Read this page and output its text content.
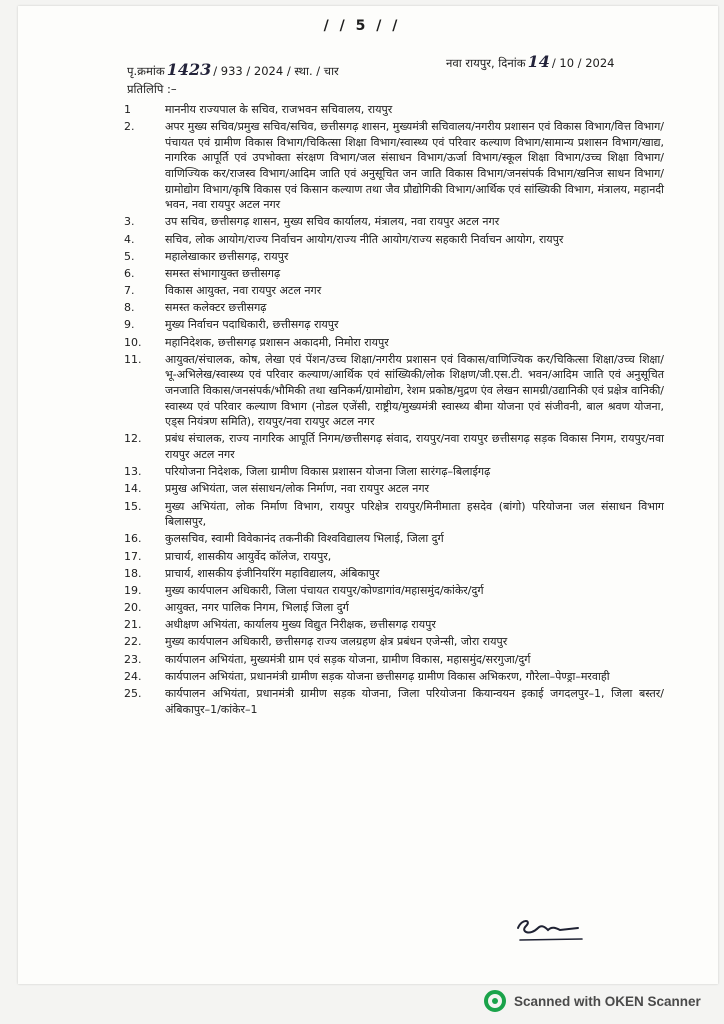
/ / 5 / /
पृ.क्रमांक 1423 / 933 / 2024 / स्था. / चार
नवा रायपुर, दिनांक 14 / 10 / 2024
प्रतिलिपि :–
1	माननीय राज्यपाल के सचिव, राजभवन सचिवालय, रायपुर
2.	अपर मुख्य सचिव/प्रमुख सचिव/सचिव, छत्तीसगढ़ शासन, मुख्यमंत्री सचिवालय/नगरीय प्रशासन एवं विकास विभाग/वित्त विभाग/पंचायत एवं ग्रामीण विकास विभाग/चिकित्सा शिक्षा विभाग/स्वास्थ्य एवं परिवार कल्याण विभाग/सामान्य प्रशासन विभाग/खाद्य, नागरिक आपूर्ति एवं उपभोक्ता संरक्षण विभाग/जल संसाधन विभाग/ऊर्जा विभाग/स्कूल शिक्षा विभाग/उच्च शिक्षा विभाग/वाणिज्यिक कर/राजस्व विभाग/आदिम जाति एवं अनुसूचित जन जाति विकास विभाग/जनसंपर्क विभाग/खनिज साधन विभाग/ग्रामोद्योग विभाग/कृषि विकास एवं किसान कल्याण तथा जैव प्रौद्योगिकी विभाग/आर्थिक एवं सांख्यिकी विभाग, मंत्रालय, महानदी भवन, नवा रायपुर अटल नगर
3.	उप सचिव, छत्तीसगढ़ शासन, मुख्य सचिव कार्यालय, मंत्रालय, नवा रायपुर अटल नगर
4.	सचिव, लोक आयोग/राज्य निर्वाचन आयोग/राज्य नीति आयोग/राज्य सहकारी निर्वाचन आयोग, रायपुर
5.	महालेखाकार छत्तीसगढ़, रायपुर
6.	समस्त संभागायुक्त छत्तीसगढ़
7.	विकास आयुक्त, नवा रायपुर अटल नगर
8.	समस्त कलेक्टर छत्तीसगढ़
9.	मुख्य निर्वाचन पदाधिकारी, छत्तीसगढ़ रायपुर
10.	महानिदेशक, छत्तीसगढ़ प्रशासन अकादमी, निमोरा रायपुर
11.	आयुक्त/संचालक, कोष, लेखा एवं पेंशन/उच्च शिक्षा/नगरीय प्रशासन एवं विकास/वाणिज्यिक कर/चिकित्सा शिक्षा/उच्च शिक्षा/भू-अभिलेख/स्वास्थ्य एवं परिवार कल्याण/आर्थिक एवं सांख्यिकी/लोक शिक्षण/जी.एस.टी. भवन/आदिम जाति एवं अनुसूचित जनजाति विकास/जनसंपर्क/भौमिकी तथा खनिकर्म/ग्रामोद्योग, रेशम प्रकोष्ठ/मुद्रण एंव लेखन सामग्री/उद्यानिकी एवं प्रक्षेत्र वानिकी/स्वास्थ्य एवं परिवार कल्याण विभाग (नोडल एजेंसी, राष्ट्रीय/मुख्यमंत्री स्वास्थ्य बीमा योजना एवं संजीवनी, बाल श्रवण योजना, एड्स नियंत्रण समिति), रायपुर/नवा रायपुर अटल नगर
12.	प्रबंध संचालक, राज्य नागरिक आपूर्ति निगम/छत्तीसगढ़ संवाद, रायपुर/नवा रायपुर छत्तीसगढ़ सड़क विकास निगम, रायपुर/नवा रायपुर अटल नगर
13.	परियोजना निदेशक, जिला ग्रामीण विकास प्रशासन योजना जिला सारंगढ़–बिलाईगढ़
14.	प्रमुख अभियंता, जल संसाधन/लोक निर्माण, नवा रायपुर अटल नगर
15.	मुख्य अभियंता, लोक निर्माण विभाग, रायपुर परिक्षेत्र रायपुर/मिनीमाता हसदेव (बांगो) परियोजना जल संसाधन विभाग बिलासपुर,
16.	कुलसचिव, स्वामी विवेकानंद तकनीकी विश्वविद्यालय भिलाई, जिला दुर्ग
17.	प्राचार्य, शासकीय आयुर्वेद कॉलेज, रायपुर,
18.	प्राचार्य, शासकीय इंजीनियरिंग महाविद्यालय, अंबिकापुर
19.	मुख्य कार्यपालन अधिकारी, जिला पंचायत रायपुर/कोण्डागांव/महासमुंद/कांकेर/दुर्ग
20.	आयुक्त, नगर पालिक निगम, भिलाई जिला दुर्ग
21.	अधीक्षण अभियंता, कार्यालय मुख्य विद्युत निरीक्षक, छत्तीसगढ़ रायपुर
22.	मुख्य कार्यपालन अधिकारी, छत्तीसगढ़ राज्य जलग्रहण क्षेत्र प्रबंधन एजेन्सी, जोरा रायपुर
23.	कार्यपालन अभियंता, मुख्यमंत्री ग्राम एवं सड़क योजना, ग्रामीण विकास, महासमुंद/सरगुजा/दुर्ग
24.	कार्यपालन अभियंता, प्रधानमंत्री ग्रामीण सड़क योजना छत्तीसगढ़ ग्रामीण विकास अभिकरण, गौरेला–पेण्ड्रा–मरवाही
25.	कार्यपालन अभियंता, प्रधानमंत्री ग्रामीण सड़क योजना, जिला परियोजना कियान्वयन इकाई जगदलपुर–1, जिला बस्तर/अंबिकापुर–1/कांकेर–1
Scanned with OKEN Scanner
